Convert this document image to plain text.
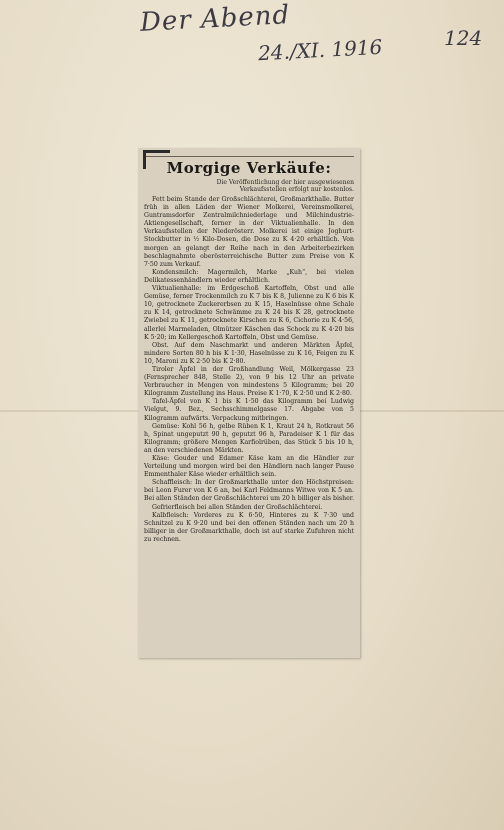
Der Abend
24./XI. 1916	124
Morgige Verkäufe:
Die Veröffentlichung der hier ausgewiesenen Verkaufsstellen erfolgt nur kostenlos.

Fett beim Stande der Großschlächterei, Großmarkthalle. Butter früh in allen Läden der Wiener Molkerei, Vereinsmolkerei, Guntramsdorfer Zentralmilchniederlage und Milchindustrie-Aktiengesellschaft, ferner in der Viktualienhalle. In den Verkaufsstellen der Niederösterr. Molkerei ist einige Joghurt-Stockbutter in ½ Kilo-Dosen, die Dose zu K 4·20 erhältlich. Von morgen an gelangt der Reihe nach in den Arbeiterbezirken beschlagnahmte oberösterreichische Butter zum Preise von K 7·50 zum Verkauf.

Kondensmilch: Magermilch, Marke „Kuh“, bei vielen Delikatessenhändlern wieder erhältlich.

Viktualienhalle: im Erdgeschoß Kartoffeln, Obst und alle Gemüse, ferner Trockenmilch zu K 7 bis K 8, Julienne zu K 6 bis K 10, getrocknete Zuckererbsen zu K 15, Haselnüsse ohne Schale zu K 14, getrocknete Schwämme zu K 24 bis K 28, getrocknete Zwiebel zu K 11, getrocknete Kirschen zu K 6, Cichorie zu K 4·56, allerlei Marmeladen, Olmützer Käschen das Schock zu K 4·20 bis K 5·20; im Kellergeschoß Kartoffeln, Obst und Gemüse.

Obst. Auf dem Naschmarkt und anderen Märkten Äpfel, mindere Sorten 80 h bis K 1·30, Haselnüsse zu K 16, Feigen zu K 10, Maroni zu K 2·50 bis K 2·80.

Tiroler Äpfel in der Großhandlung Weil, Mölkergasse 23 (Fernsprecher 848, Stelle 2), von 9 bis 12 Uhr an private Verbraucher in Mengen von mindestens 5 Kilogramm; bei 20 Kilogramm Zustellung ins Haus. Preise K 1·70, K 2·50 und K 2·80.

Tafel-Äpfel von K 1 bis K 1·50 das Kilogramm bei Ludwig Vielgut, 9. Bez., Sechsschimmelgasse 17. Abgabe von 5 Kilogramm aufwärts. Verpackung mitbringen.

Gemüse: Kohl 56 h, gelbe Rüben K 1, Kraut 24 h, Rotkraut 56 h, Spinat ungeputzt 90 h, geputzt 96 h, Paradeiser K 1 für das Kilogramm; größere Mengen Karfiolrüben, das Stück 5 bis 10 h, an den verschiedenen Märkten.

Käse: Gouder und Edamer Käse kam an die Händler zur Verteilung und morgen wird bei den Händlern nach langer Pause Emmenthaler Käse wieder erhältlich sein.

Schaffleisch: In der Großmarkthalle unter den Höchstpreisen: bei Leon Furer von K 6 an, bei Karl Feldmanns Witwe von K 5 an. Bei allen Ständen der Großschlächterei um 20 h billiger als bisher.

Gefrierfleisch bei allen Ständen der Großschlächterei.

Kalbfleisch: Vorderes zu K 6·50, Hinteres zu K 7·30 und Schnitzel zu K 9·20 und bei den offenen Ständen nach um 20 h billiger in der Großmarkthalle, doch ist auf starke Zufuhren nicht zu rechnen.
